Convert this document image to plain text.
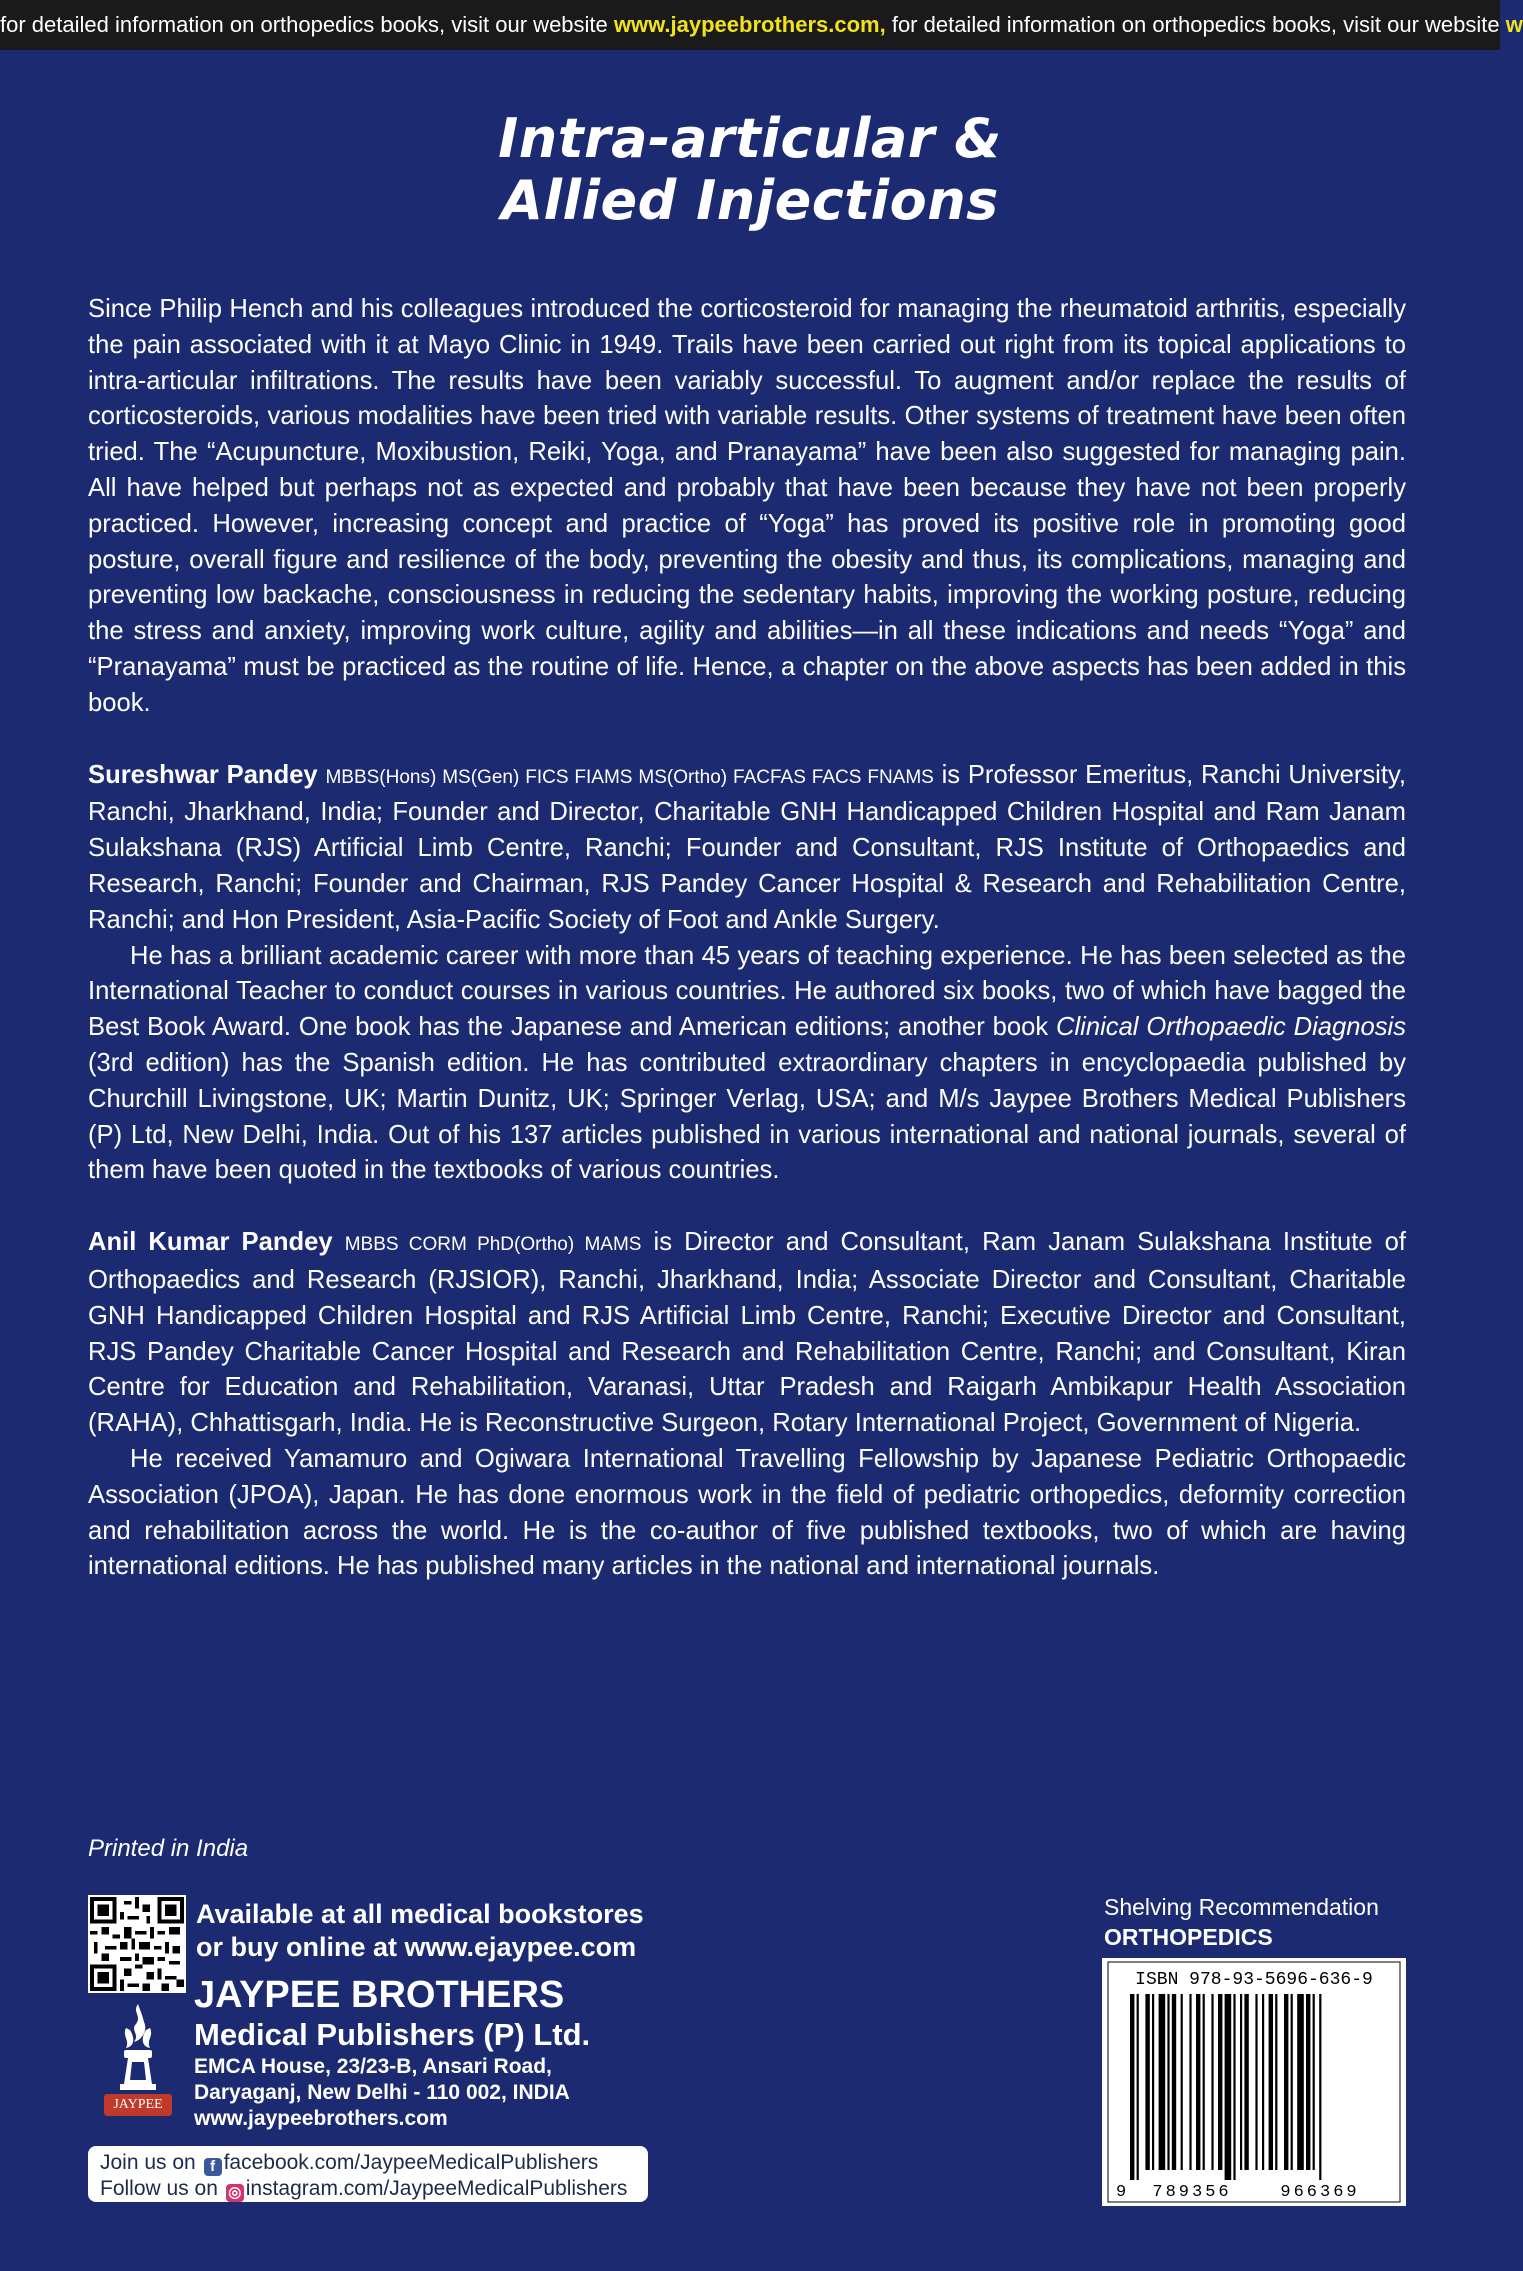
for detailed information on orthopedics books, visit our website www.jaypeebrothers.com, for detailed information on orthopedics books, visit our website w
Intra-articular &
Allied Injections

Since Philip Hench and his colleagues introduced the corticosteroid for managing the rheumatoid arthritis, especially the pain associated with it at Mayo Clinic in 1949. Trails have been carried out right from its topical applications to intra-articular infiltrations. The results have been variably successful. To augment and/or replace the results of corticosteroids, various modalities have been tried with variable results. Other systems of treatment have been often tried. The “Acupuncture, Moxibustion, Reiki, Yoga, and Pranayama” have been also suggested for managing pain. All have helped but perhaps not as expected and probably that have been because they have not been properly practiced. However, increasing concept and practice of “Yoga” has proved its positive role in promoting good posture, overall figure and resilience of the body, preventing the obesity and thus, its complications, managing and preventing low backache, consciousness in reducing the sedentary habits, improving the working posture, reducing the stress and anxiety, improving work culture, agility and abilities—in all these indications and needs “Yoga” and “Pranayama” must be practiced as the routine of life. Hence, a chapter on the above aspects has been added in this book.

Sureshwar Pandey MBBS(Hons) MS(Gen) FICS FIAMS MS(Ortho) FACFAS FACS FNAMS is Professor Emeritus, Ranchi University, Ranchi, Jharkhand, India; Founder and Director, Charitable GNH Handicapped Children Hospital and Ram Janam Sulakshana (RJS) Artificial Limb Centre, Ranchi; Founder and Consultant, RJS Institute of Orthopaedics and Research, Ranchi; Founder and Chairman, RJS Pandey Cancer Hospital & Research and Rehabilitation Centre, Ranchi; and Hon President, Asia-Pacific Society of Foot and Ankle Surgery.

He has a brilliant academic career with more than 45 years of teaching experience. He has been selected as the International Teacher to conduct courses in various countries. He authored six books, two of which have bagged the Best Book Award. One book has the Japanese and American editions; another book Clinical Orthopaedic Diagnosis (3rd edition) has the Spanish edition. He has contributed extraordinary chapters in encyclopaedia published by Churchill Livingstone, UK; Martin Dunitz, UK; Springer Verlag, USA; and M/s Jaypee Brothers Medical Publishers (P) Ltd, New Delhi, India. Out of his 137 articles published in various international and national journals, several of them have been quoted in the textbooks of various countries.

Anil Kumar Pandey MBBS CORM PhD(Ortho) MAMS is Director and Consultant, Ram Janam Sulakshana Institute of Orthopaedics and Research (RJSIOR), Ranchi, Jharkhand, India; Associate Director and Consultant, Charitable GNH Handicapped Children Hospital and RJS Artificial Limb Centre, Ranchi; Executive Director and Consultant, RJS Pandey Charitable Cancer Hospital and Research and Rehabilitation Centre, Ranchi; and Consultant, Kiran Centre for Education and Rehabilitation, Varanasi, Uttar Pradesh and Raigarh Ambikapur Health Association (RAHA), Chhattisgarh, India. He is Reconstructive Surgeon, Rotary International Project, Government of Nigeria.

He received Yamamuro and Ogiwara International Travelling Fellowship by Japanese Pediatric Orthopaedic Association (JPOA), Japan. He has done enormous work in the field of pediatric orthopedics, deformity correction and rehabilitation across the world. He is the co-author of five published textbooks, two of which are having international editions. He has published many articles in the national and international journals.

Printed in India
JAYPEE
Available at all medical bookstores
or buy online at www.ejaypee.com
JAYPEE BROTHERS
Medical Publishers (P) Ltd.
EMCA House, 23/23-B, Ansari Road,
Daryaganj, New Delhi - 110 002, INDIA
www.jaypeebrothers.com
Join us on f facebook.com/JaypeeMedicalPublishers
Follow us on ◎ instagram.com/JaypeeMedicalPublishers
Shelving Recommendation
ORTHOPEDICS
ISBN 978-93-5696-636-9
9 789356	966369
